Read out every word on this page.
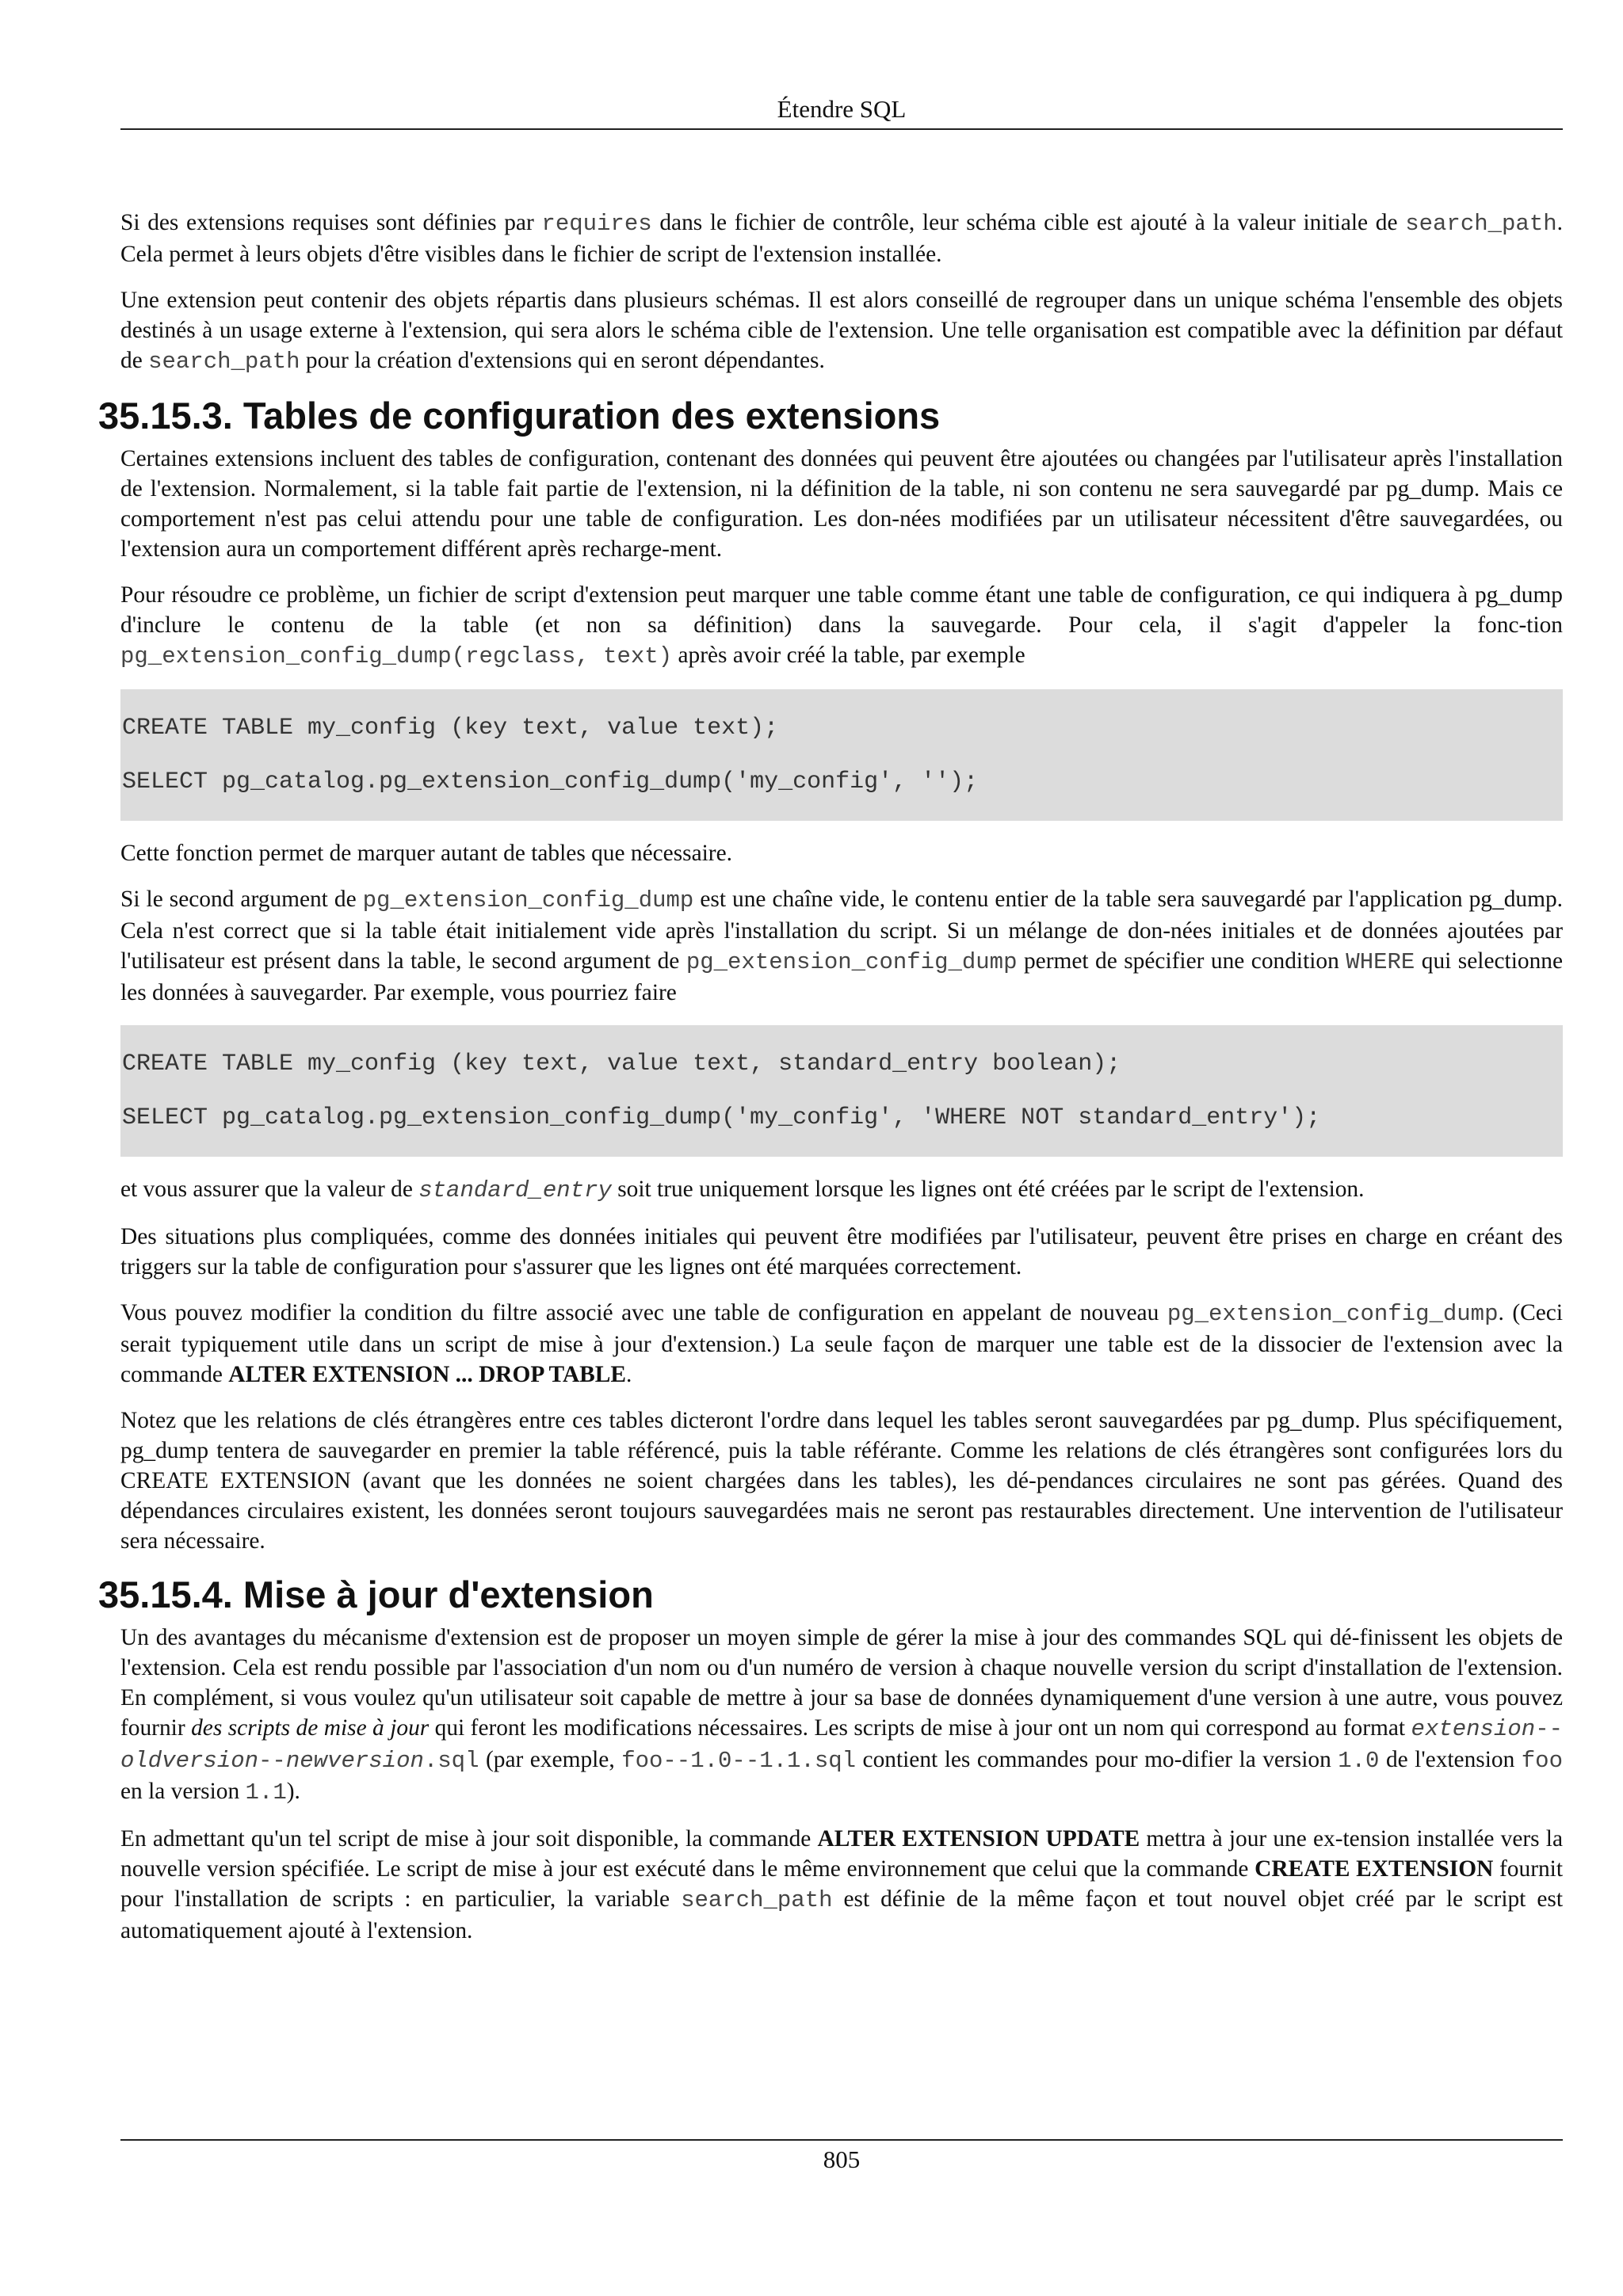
Étendre SQL

Si des extensions requises sont définies par requires dans le fichier de contrôle, leur schéma cible est ajouté à la valeur initiale de search_path. Cela permet à leurs objets d'être visibles dans le fichier de script de l'extension installée.

Une extension peut contenir des objets répartis dans plusieurs schémas. Il est alors conseillé de regrouper dans un unique schéma l'ensemble des objets destinés à un usage externe à l'extension, qui sera alors le schéma cible de l'extension. Une telle organisation est compatible avec la définition par défaut de search_path pour la création d'extensions qui en seront dépendantes.

35.15.3. Tables de configuration des extensions

Certaines extensions incluent des tables de configuration, contenant des données qui peuvent être ajoutées ou changées par l'utilisateur après l'installation de l'extension. Normalement, si la table fait partie de l'extension, ni la définition de la table, ni son contenu ne sera sauvegardé par pg_dump. Mais ce comportement n'est pas celui attendu pour une table de configuration. Les don-nées modifiées par un utilisateur nécessitent d'être sauvegardées, ou l'extension aura un comportement différent après recharge-ment.

Pour résoudre ce problème, un fichier de script d'extension peut marquer une table comme étant une table de configuration, ce qui indiquera à pg_dump d'inclure le contenu de la table (et non sa définition) dans la sauvegarde. Pour cela, il s'agit d'appeler la fonc-tion pg_extension_config_dump(regclass, text) après avoir créé la table, par exemple

CREATE TABLE my_config (key text, value text);
SELECT pg_catalog.pg_extension_config_dump('my_config', '');

Cette fonction permet de marquer autant de tables que nécessaire.

Si le second argument de pg_extension_config_dump est une chaîne vide, le contenu entier de la table sera sauvegardé par l'application pg_dump. Cela n'est correct que si la table était initialement vide après l'installation du script. Si un mélange de don-nées initiales et de données ajoutées par l'utilisateur est présent dans la table, le second argument de pg_extension_config_dump permet de spécifier une condition WHERE qui selectionne les données à sauvegarder. Par exemple, vous pourriez faire

CREATE TABLE my_config (key text, value text, standard_entry boolean);
SELECT pg_catalog.pg_extension_config_dump('my_config', 'WHERE NOT standard_entry');

et vous assurer que la valeur de standard_entry soit true uniquement lorsque les lignes ont été créées par le script de l'extension.

Des situations plus compliquées, comme des données initiales qui peuvent être modifiées par l'utilisateur, peuvent être prises en charge en créant des triggers sur la table de configuration pour s'assurer que les lignes ont été marquées correctement.

Vous pouvez modifier la condition du filtre associé avec une table de configuration en appelant de nouveau pg_extension_config_dump. (Ceci serait typiquement utile dans un script de mise à jour d'extension.) La seule façon de marquer une table est de la dissocier de l'extension avec la commande ALTER EXTENSION ... DROP TABLE.

Notez que les relations de clés étrangères entre ces tables dicteront l'ordre dans lequel les tables seront sauvegardées par pg_dump. Plus spécifiquement, pg_dump tentera de sauvegarder en premier la table référencé, puis la table référante. Comme les relations de clés étrangères sont configurées lors du CREATE EXTENSION (avant que les données ne soient chargées dans les tables), les dé-pendances circulaires ne sont pas gérées. Quand des dépendances circulaires existent, les données seront toujours sauvegardées mais ne seront pas restaurables directement. Une intervention de l'utilisateur sera nécessaire.

35.15.4. Mise à jour d'extension

Un des avantages du mécanisme d'extension est de proposer un moyen simple de gérer la mise à jour des commandes SQL qui dé-finissent les objets de l'extension. Cela est rendu possible par l'association d'un nom ou d'un numéro de version à chaque nouvelle version du script d'installation de l'extension. En complément, si vous voulez qu'un utilisateur soit capable de mettre à jour sa base de données dynamiquement d'une version à une autre, vous pouvez fournir des scripts de mise à jour qui feront les modifications nécessaires. Les scripts de mise à jour ont un nom qui correspond au format extension--oldversion--newversion.sql (par exemple, foo--1.0--1.1.sql contient les commandes pour mo-difier la version 1.0 de l'extension foo en la version 1.1).

En admettant qu'un tel script de mise à jour soit disponible, la commande ALTER EXTENSION UPDATE mettra à jour une ex-tension installée vers la nouvelle version spécifiée. Le script de mise à jour est exécuté dans le même environnement que celui que la commande CREATE EXTENSION fournit pour l'installation de scripts : en particulier, la variable search_path est définie de la même façon et tout nouvel objet créé par le script est automatiquement ajouté à l'extension.

805
